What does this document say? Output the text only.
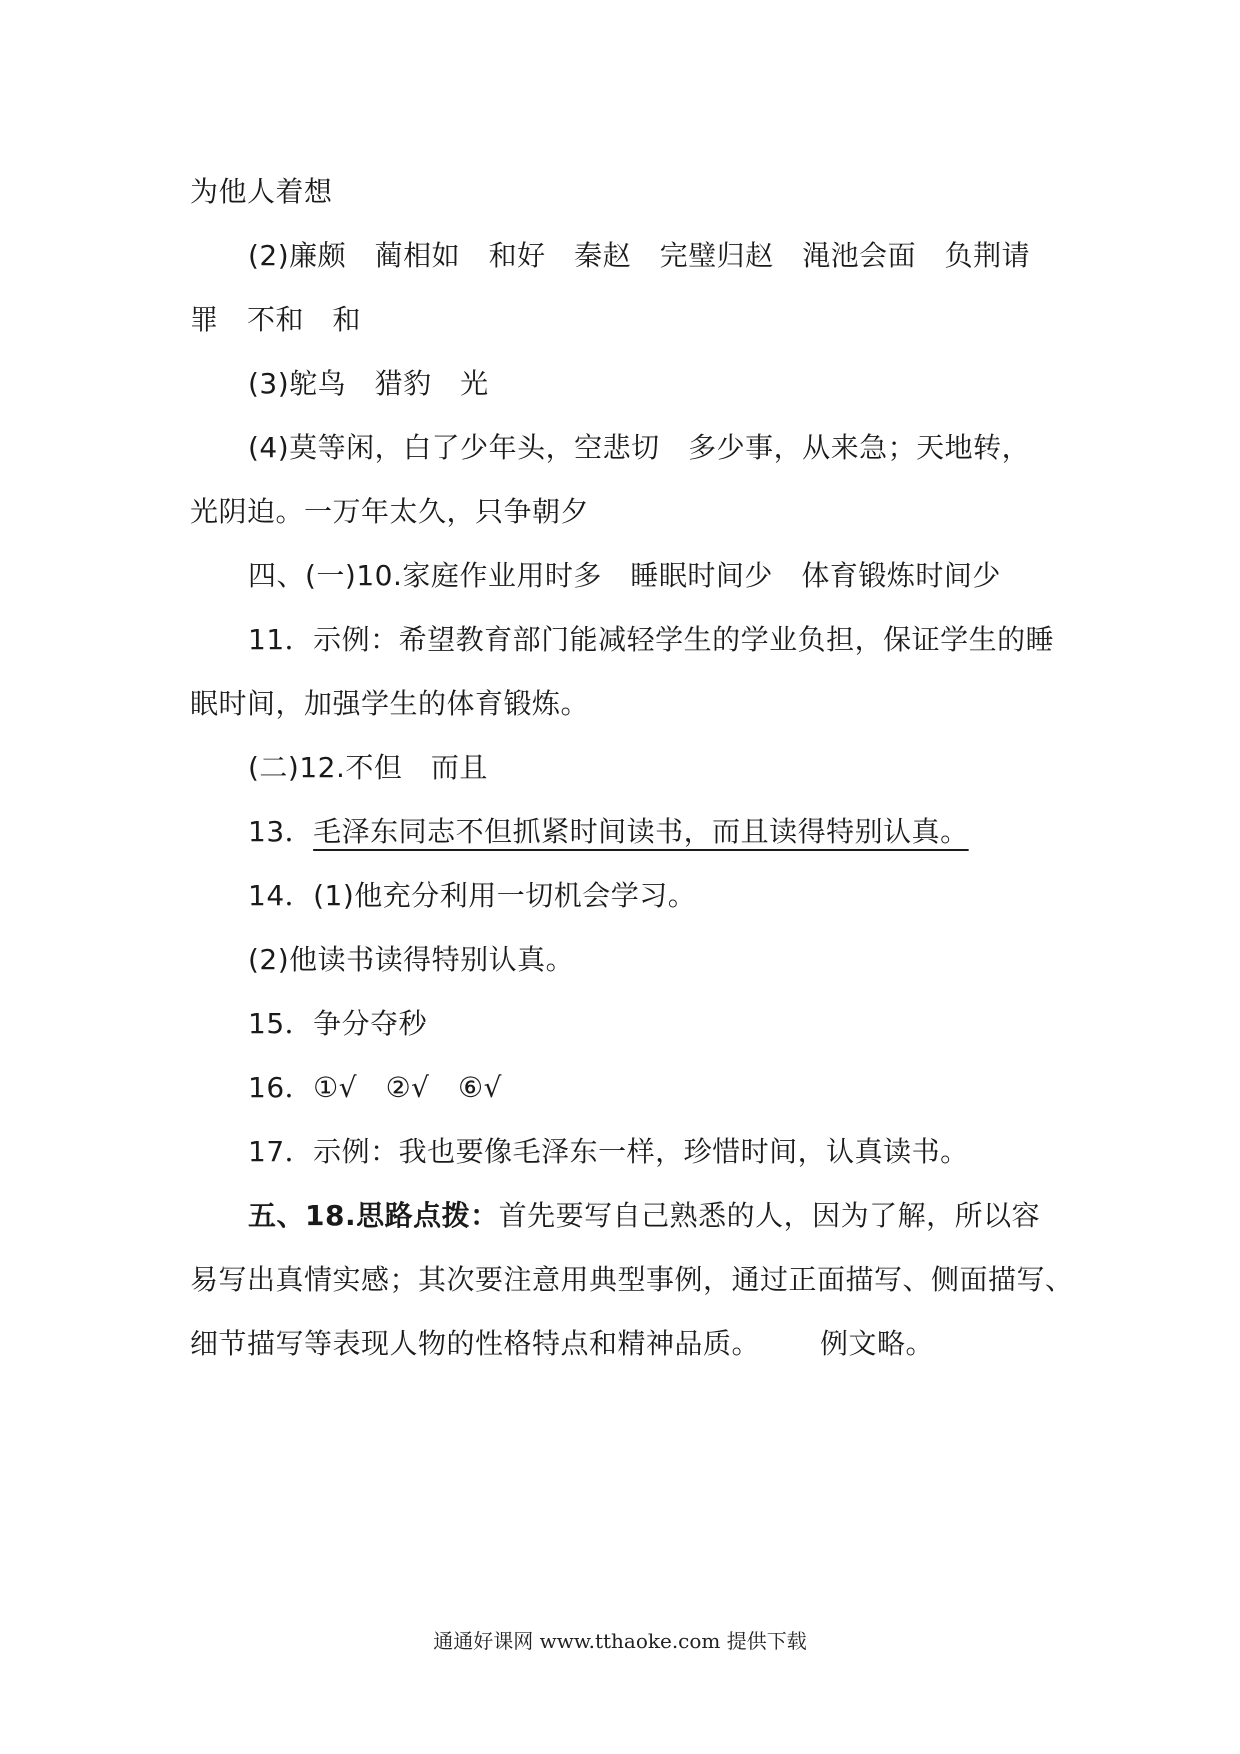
为他人着想
(2)廉颇　蔺相如　和好　秦赵　完璧归赵　渑池会面　负荆请
罪　不和　和
(3)鸵鸟　猎豹　光
(4)莫等闲，白了少年头，空悲切　多少事，从来急；天地转，
光阴迫。一万年太久，只争朝夕
四、(一)10.家庭作业用时多　睡眠时间少　体育锻炼时间少
11．示例：希望教育部门能减轻学生的学业负担，保证学生的睡
眠时间，加强学生的体育锻炼。
(二)12.不但　而且
13．毛泽东同志不但抓紧时间读书，而且读得特别认真。
14．(1)他充分利用一切机会学习。
(2)他读书读得特别认真。
15．争分夺秒
16．①√　②√　⑥√
17．示例：我也要像毛泽东一样，珍惜时间，认真读书。
五、18.思路点拨：首先要写自己熟悉的人，因为了解，所以容
易写出真情实感；其次要注意用典型事例，通过正面描写、侧面描写、
细节描写等表现人物的性格特点和精神品质。 例文略。
通通好课网 www.tthaoke.com 提供下载
